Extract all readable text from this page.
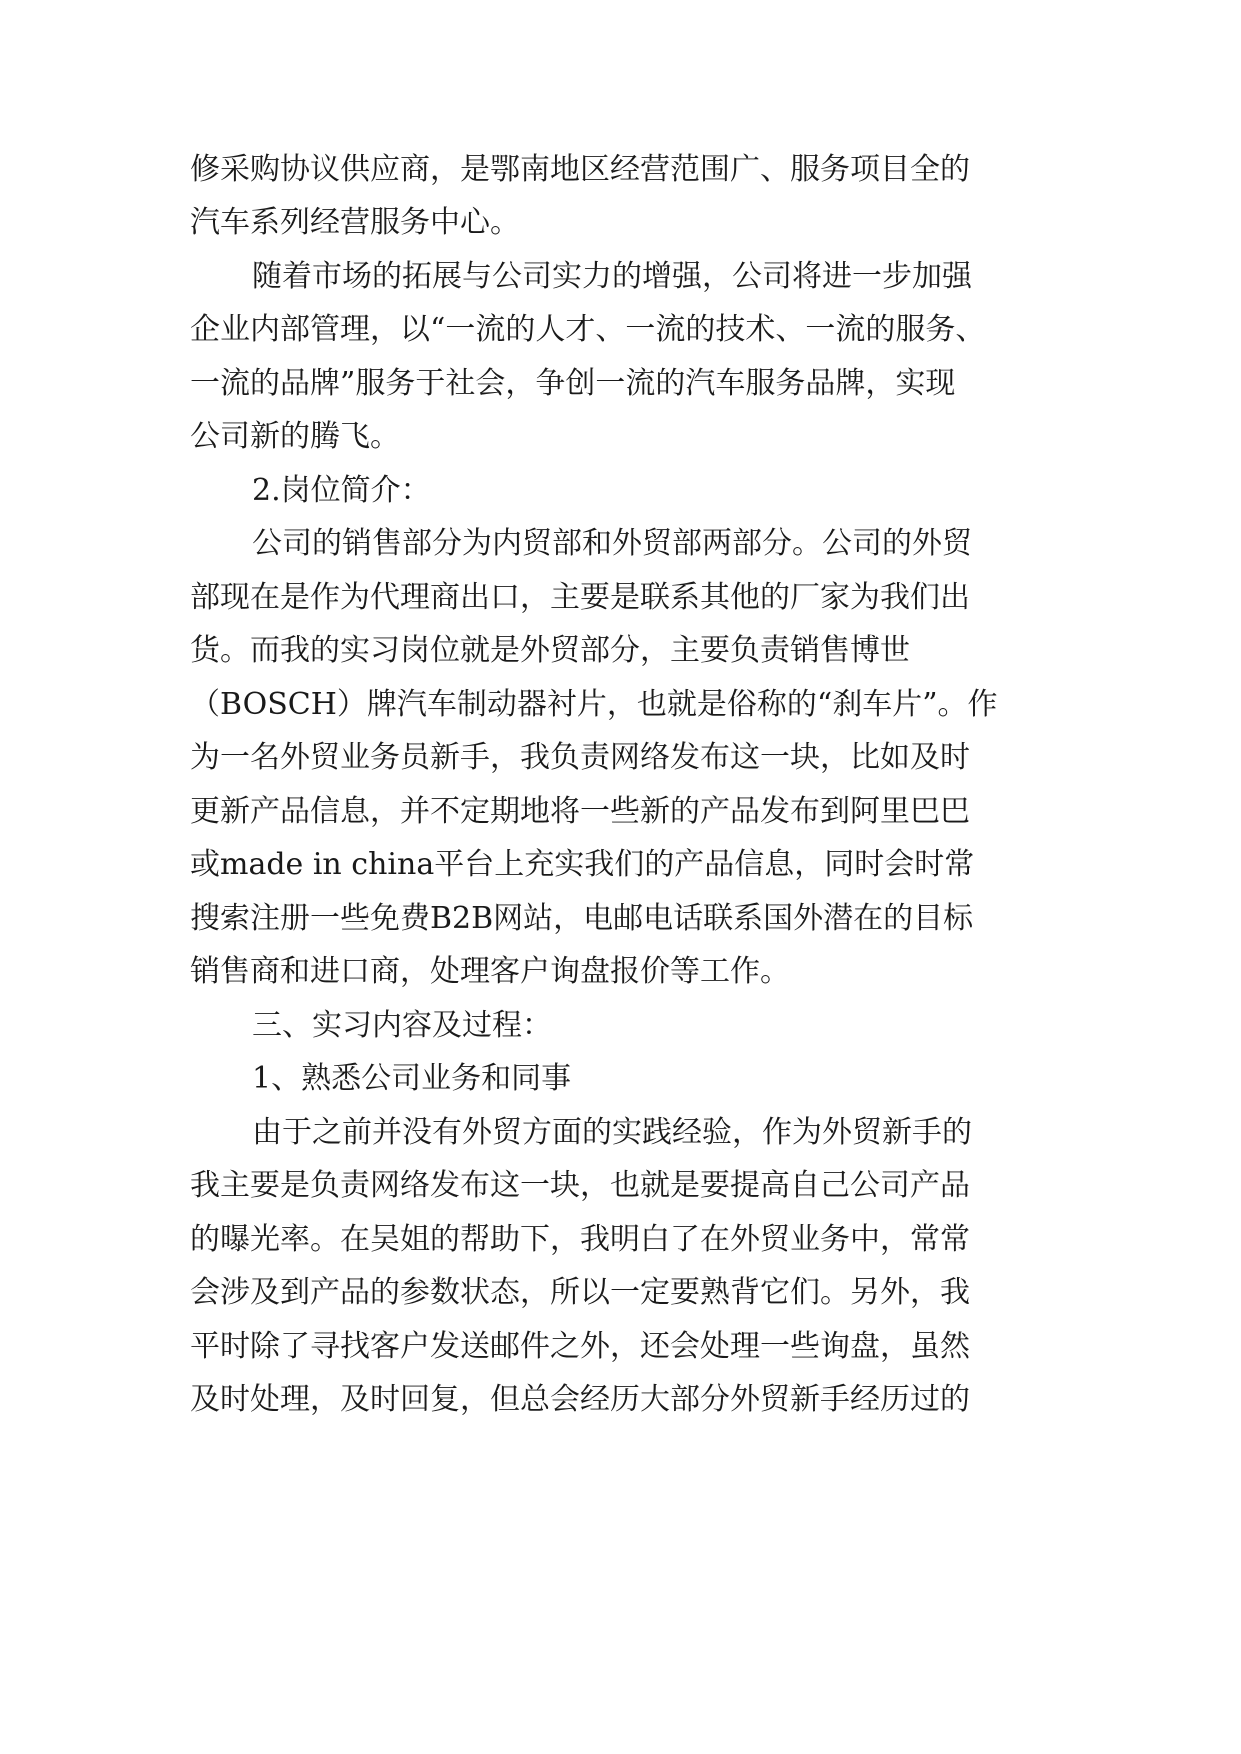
修采购协议供应商，是鄂南地区经营范围广、服务项目全的
汽车系列经营服务中心。
随着市场的拓展与公司实力的增强，公司将进一步加强
企业内部管理，以“一流的人才、一流的技术、一流的服务、
一流的品牌”服务于社会，争创一流的汽车服务品牌，实现
公司新的腾飞。
2.岗位简介：
公司的销售部分为内贸部和外贸部两部分。公司的外贸
部现在是作为代理商出口，主要是联系其他的厂家为我们出
货。而我的实习岗位就是外贸部分，主要负责销售博世
（BOSCH）牌汽车制动器衬片，也就是俗称的“刹车片”。作
为一名外贸业务员新手，我负责网络发布这一块，比如及时
更新产品信息，并不定期地将一些新的产品发布到阿里巴巴
或made in china平台上充实我们的产品信息，同时会时常
搜索注册一些免费B2B网站，电邮电话联系国外潜在的目标
销售商和进口商，处理客户询盘报价等工作。
三、实习内容及过程：
1、熟悉公司业务和同事
由于之前并没有外贸方面的实践经验，作为外贸新手的
我主要是负责网络发布这一块，也就是要提高自己公司产品
的曝光率。在吴姐的帮助下，我明白了在外贸业务中，常常
会涉及到产品的参数状态，所以一定要熟背它们。另外，我
平时除了寻找客户发送邮件之外，还会处理一些询盘，虽然
及时处理，及时回复，但总会经历大部分外贸新手经历过的
